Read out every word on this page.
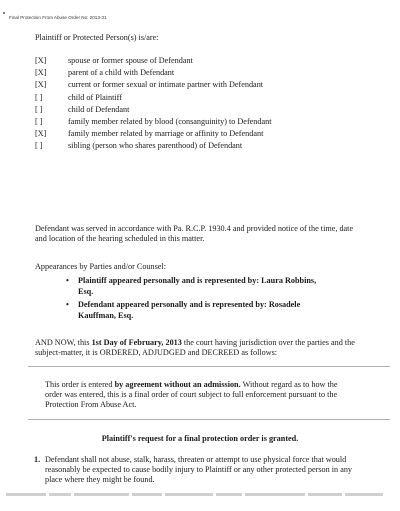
Final Protection From Abuse Order No: 2013-31
Plaintiff or Protected Person(s) is/are:
[X]	spouse or former spouse of Defendant
[X]	parent of a child with Defendant
[X]	current or former sexual or intimate partner with Defendant
[ ]	child of Plaintiff
[ ]	child of Defendant
[ ]	family member related by blood (consanguinity) to Defendant
[X]	family member related by marriage or affinity to Defendant
[ ]	sibling (person who shares parenthood) of Defendant
Defendant was served in accordance with Pa. R.C.P. 1930.4 and provided notice of the time, date
and location of the hearing scheduled in this matter.
Appearances by Parties and/or Counsel:
• Plaintiff appeared personally and is represented by: Laura Robbins,
Esq.
• Defendant appeared personally and is represented by: Rosadele
Kauffman, Esq.
AND NOW, this 1st Day of February, 2013 the court having jurisdiction over the parties and the
subject-matter, it is ORDERED, ADJUDGED and DECREED as follows:
This order is entered by agreement without an admission. Without regard as to how the
order was entered, this is a final order of court subject to full enforcement pursuant to the
Protection From Abuse Act.
Plaintiff's request for a final protection order is granted.
1. Defendant shall not abuse, stalk, harass, threaten or attempt to use physical force that would
reasonably be expected to cause bodily injury to Plaintiff or any other protected person in any
place where they might be found.
